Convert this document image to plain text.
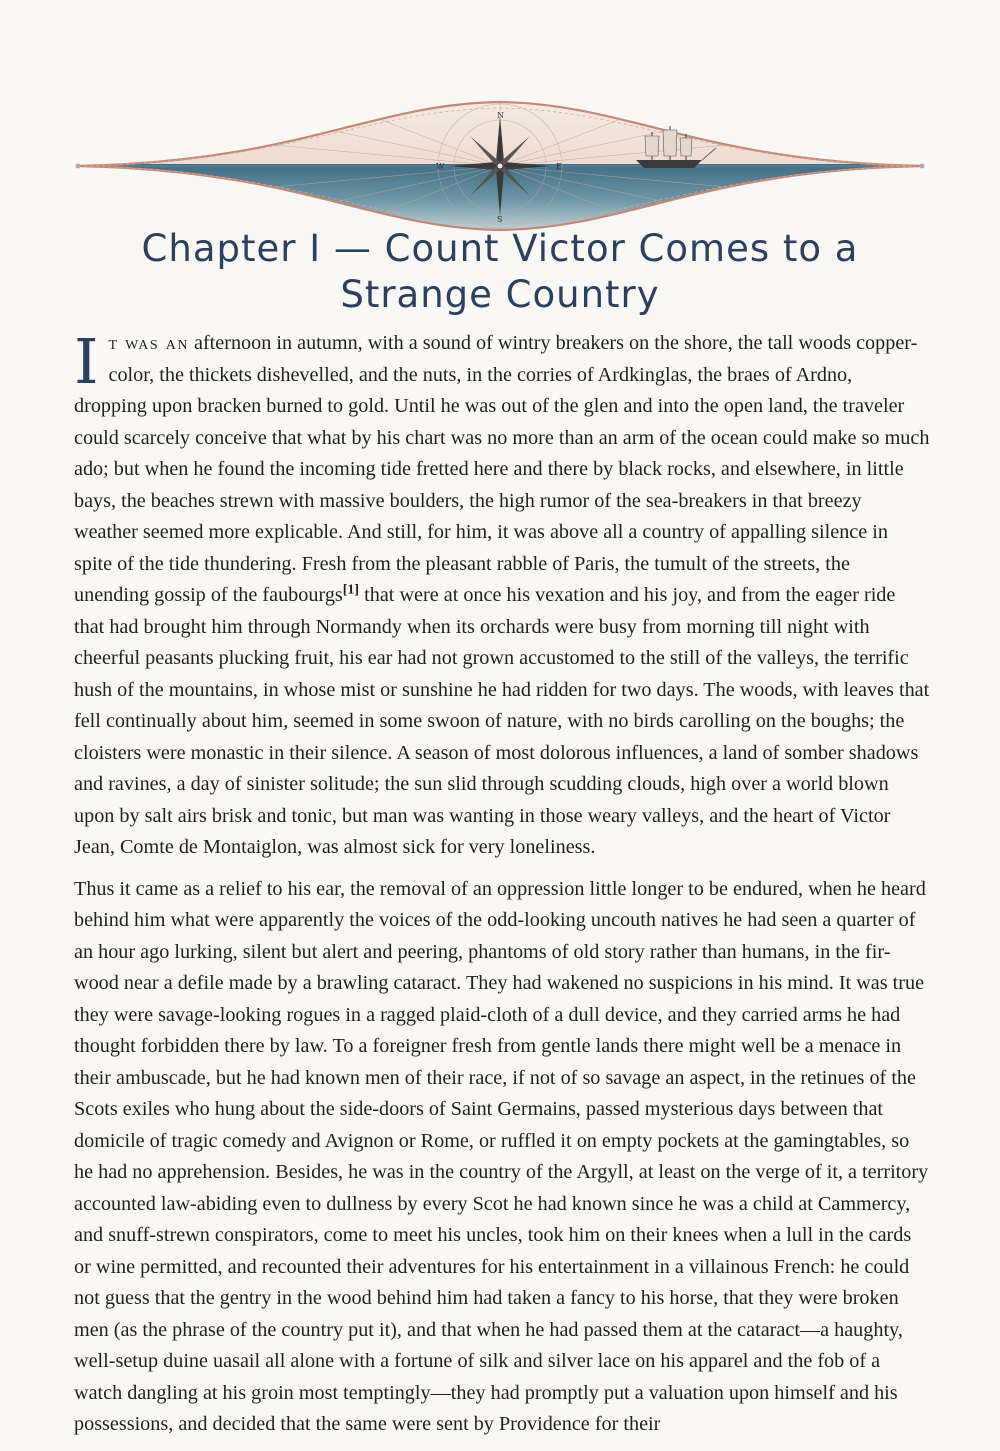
N
E
S
W
Chapter I — Count Victor Comes to a Strange Country

It was an afternoon in autumn, with a sound of wintry breakers on the shore, the tall woods copper-color, the thickets dishevelled, and the nuts, in the corries of Ardkinglas, the braes of Ardno, dropping upon bracken burned to gold. Until he was out of the glen and into the open land, the traveler could scarcely conceive that what by his chart was no more than an arm of the ocean could make so much ado; but when he found the incoming tide fretted here and there by black rocks, and elsewhere, in little bays, the beaches strewn with massive boulders, the high rumor of the sea-breakers in that breezy weather seemed more explicable. And still, for him, it was above all a country of appalling silence in spite of the tide thundering. Fresh from the pleasant rabble of Paris, the tumult of the streets, the unending gossip of the faubourgs[1] that were at once his vexation and his joy, and from the eager ride that had brought him through Normandy when its orchards were busy from morning till night with cheerful peasants plucking fruit, his ear had not grown accustomed to the still of the valleys, the terrific hush of the mountains, in whose mist or sunshine he had ridden for two days. The woods, with leaves that fell continually about him, seemed in some swoon of nature, with no birds carolling on the boughs; the cloisters were monastic in their silence. A season of most dolorous influences, a land of somber shadows and ravines, a day of sinister solitude; the sun slid through scudding clouds, high over a world blown upon by salt airs brisk and tonic, but man was wanting in those weary valleys, and the heart of Victor Jean, Comte de Montaiglon, was almost sick for very loneliness.

Thus it came as a relief to his ear, the removal of an oppression little longer to be endured, when he heard behind him what were apparently the voices of the odd-looking uncouth natives he had seen a quarter of an hour ago lurking, silent but alert and peering, phantoms of old story rather than humans, in the fir-wood near a defile made by a brawling cataract. They had wakened no suspicions in his mind. It was true they were savage-looking rogues in a ragged plaid-cloth of a dull device, and they carried arms he had thought forbidden there by law. To a foreigner fresh from gentle lands there might well be a menace in their ambuscade, but he had known men of their race, if not of so savage an aspect, in the retinues of the Scots exiles who hung about the side-doors of Saint Germains, passed mysterious days between that domicile of tragic comedy and Avignon or Rome, or ruffled it on empty pockets at the gamingtables, so he had no apprehension. Besides, he was in the country of the Argyll, at least on the verge of it, a territory accounted law-abiding even to dullness by every Scot he had known since he was a child at Cammercy, and snuff-strewn conspirators, come to meet his uncles, took him on their knees when a lull in the cards or wine permitted, and recounted their adventures for his entertainment in a villainous French: he could not guess that the gentry in the wood behind him had taken a fancy to his horse, that they were broken men (as the phrase of the country put it), and that when he had passed them at the cataract—a haughty, well-setup duine uasail all alone with a fortune of silk and silver lace on his apparel and the fob of a watch dangling at his groin most temptingly—they had promptly put a valuation upon himself and his possessions, and decided that the same were sent by Providence for their
